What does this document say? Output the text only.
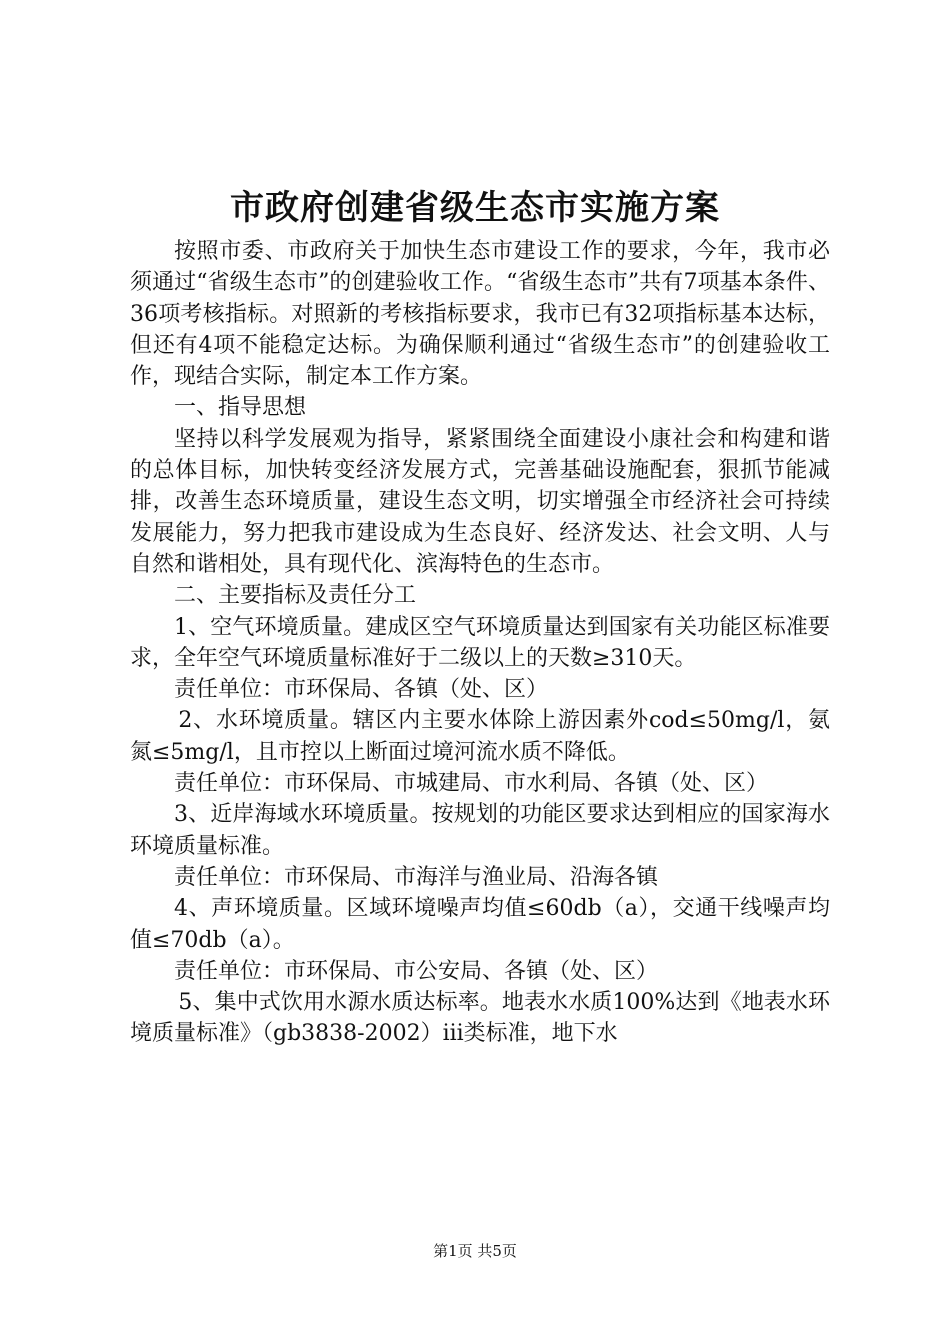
市政府创建省级生态市实施方案

按照市委、市政府关于加快生态市建设工作的要求，今年，我市必须通过“省级生态市”的创建验收工作。“省级生态市”共有7项基本条件、36项考核指标。对照新的考核指标要求，我市已有32项指标基本达标，但还有4项不能稳定达标。为确保顺利通过“省级生态市”的创建验收工作，现结合实际，制定本工作方案。

一、指导思想

坚持以科学发展观为指导，紧紧围绕全面建设小康社会和构建和谐的总体目标，加快转变经济发展方式，完善基础设施配套，狠抓节能减排，改善生态环境质量，建设生态文明，切实增强全市经济社会可持续发展能力，努力把我市建设成为生态良好、经济发达、社会文明、人与自然和谐相处，具有现代化、滨海特色的生态市。

二、主要指标及责任分工

1、空气环境质量。建成区空气环境质量达到国家有关功能区标准要求，全年空气环境质量标准好于二级以上的天数≥310天。

责任单位：市环保局、各镇（处、区）

2、水环境质量。辖区内主要水体除上游因素外cod≤50mg/l，氨氮≤5mg/l，且市控以上断面过境河流水质不降低。

责任单位：市环保局、市城建局、市水利局、各镇（处、区）

3、近岸海域水环境质量。按规划的功能区要求达到相应的国家海水环境质量标准。

责任单位：市环保局、市海洋与渔业局、沿海各镇

4、声环境质量。区域环境噪声均值≤60db（a），交通干线噪声均值≤70db（a）。

责任单位：市环保局、市公安局、各镇（处、区）

5、集中式饮用水源水质达标率。地表水水质100%达到《地表水环境质量标准》（gb3838-2002）iii类标准，地下水

第1页 共5页
